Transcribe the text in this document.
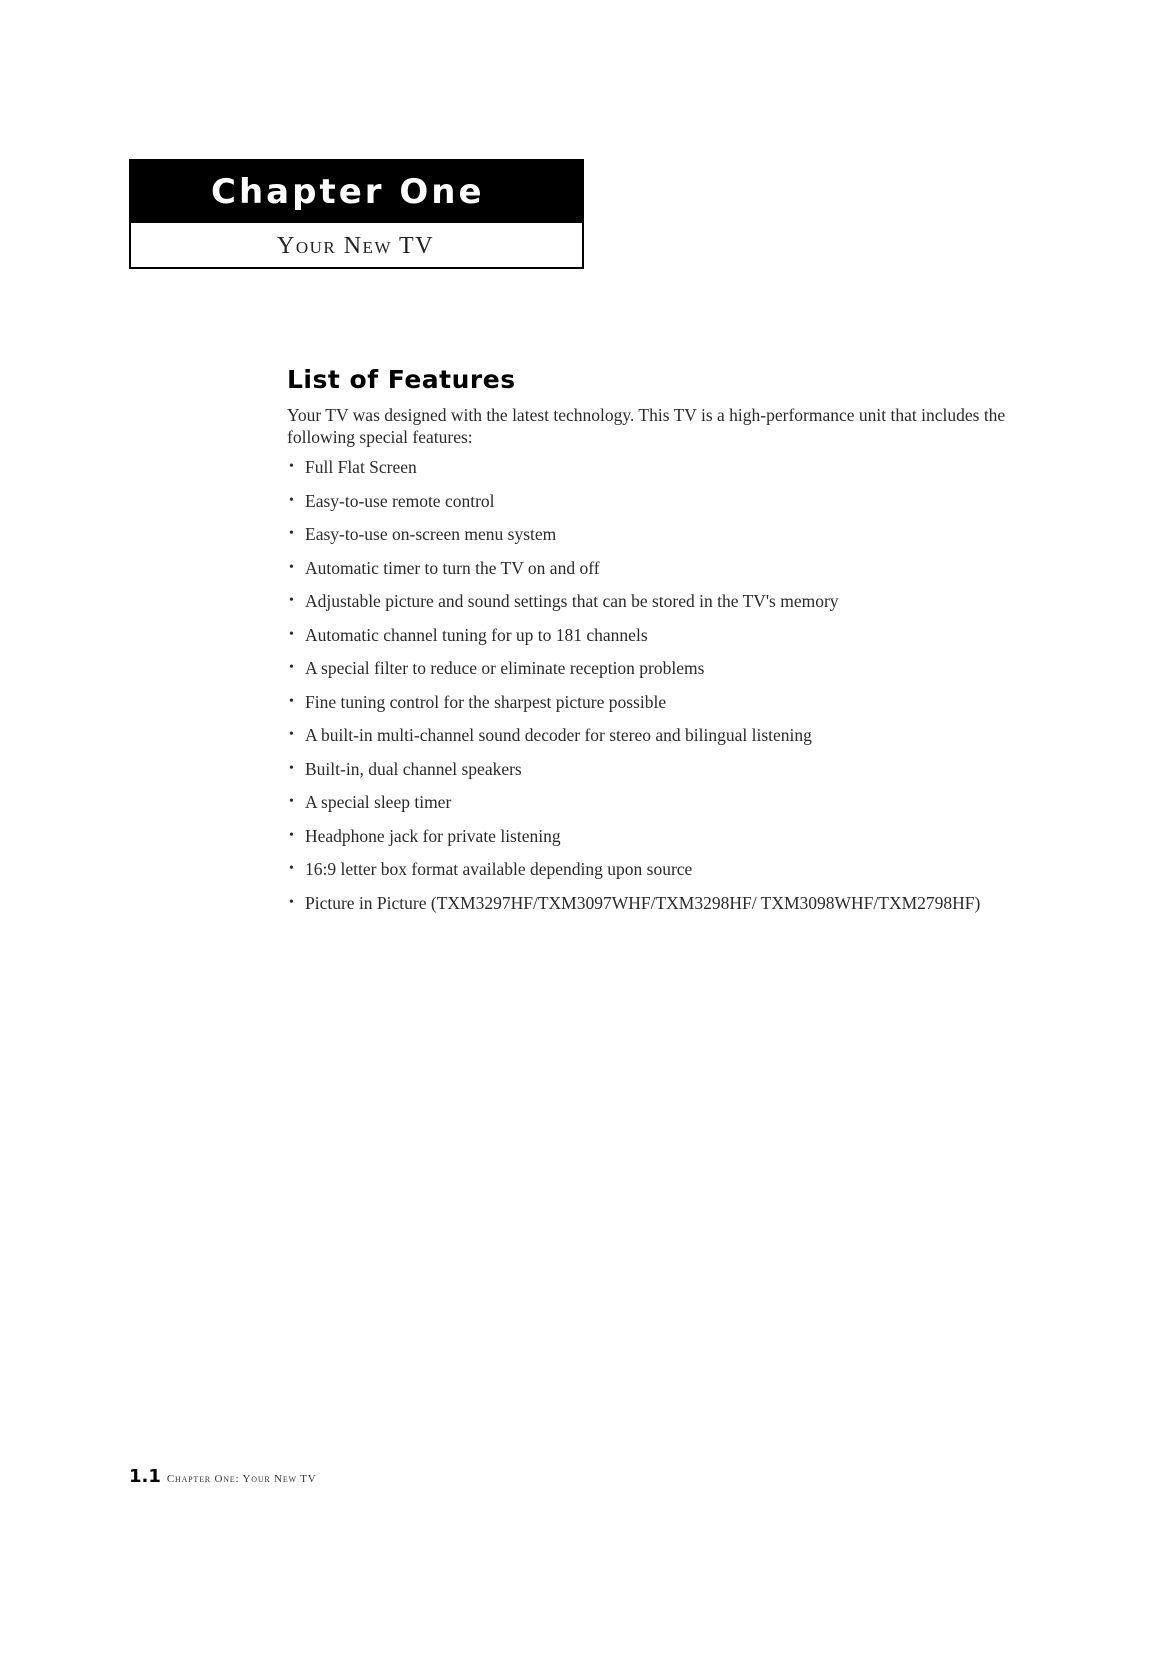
Chapter One
Your New TV
List of Features

Your TV was designed with the latest technology. This TV is a high-performance unit that includes the following special features:

• Full Flat Screen
• Easy-to-use remote control
• Easy-to-use on-screen menu system
• Automatic timer to turn the TV on and off
• Adjustable picture and sound settings that can be stored in the TV's memory
• Automatic channel tuning for up to 181 channels
• A special filter to reduce or eliminate reception problems
• Fine tuning control for the sharpest picture possible
• A built-in multi-channel sound decoder for stereo and bilingual listening
• Built-in, dual channel speakers
• A special sleep timer
• Headphone jack for private listening
• 16:9 letter box format available depending upon source
• Picture in Picture (TXM3297HF/TXM3097WHF/TXM3298HF/ TXM3098WHF/TXM2798HF)
1.1 Chapter One: Your New TV
